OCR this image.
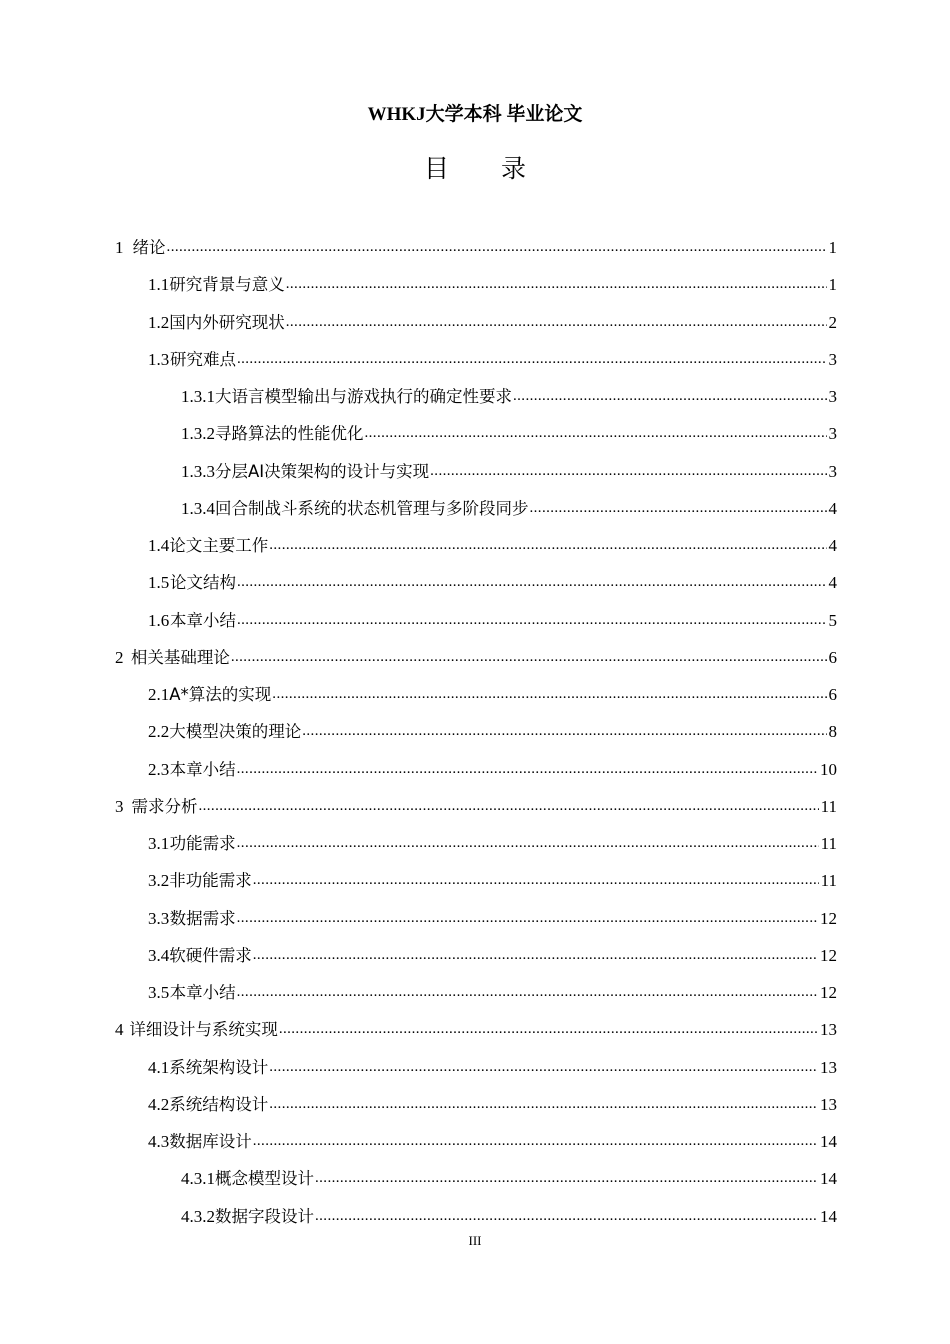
WHKJ大学本科 毕业论文
目 录
1 绪论 .....	1
1.1 研究背景与意义 .....	1
1.2 国内外研究现状 .....	2
1.3 研究难点 .....	3
1.3.1 大语言模型输出与游戏执行的确定性要求 .....	3
1.3.2 寻路算法的性能优化 .....	3
1.3.3 分层AI决策架构的设计与实现 .....	3
1.3.4 回合制战斗系统的状态机管理与多阶段同步 .....	4
1.4 论文主要工作 .....	4
1.5 论文结构 .....	4
1.6 本章小结 .....	5
2 相关基础理论 .....	6
2.1 A*算法的实现 .....	6
2.2 大模型决策的理论 .....	8
2.3 本章小结 .....	10
3 需求分析 .....	11
3.1 功能需求 .....	11
3.2 非功能需求 .....	11
3.3 数据需求 .....	12
3.4 软硬件需求 .....	12
3.5 本章小结 .....	12
4 详细设计与系统实现 .....	13
4.1 系统架构设计 .....	13
4.2 系统结构设计 .....	13
4.3 数据库设计 .....	14
4.3.1 概念模型设计 .....	14
4.3.2 数据字段设计 .....	14
III
